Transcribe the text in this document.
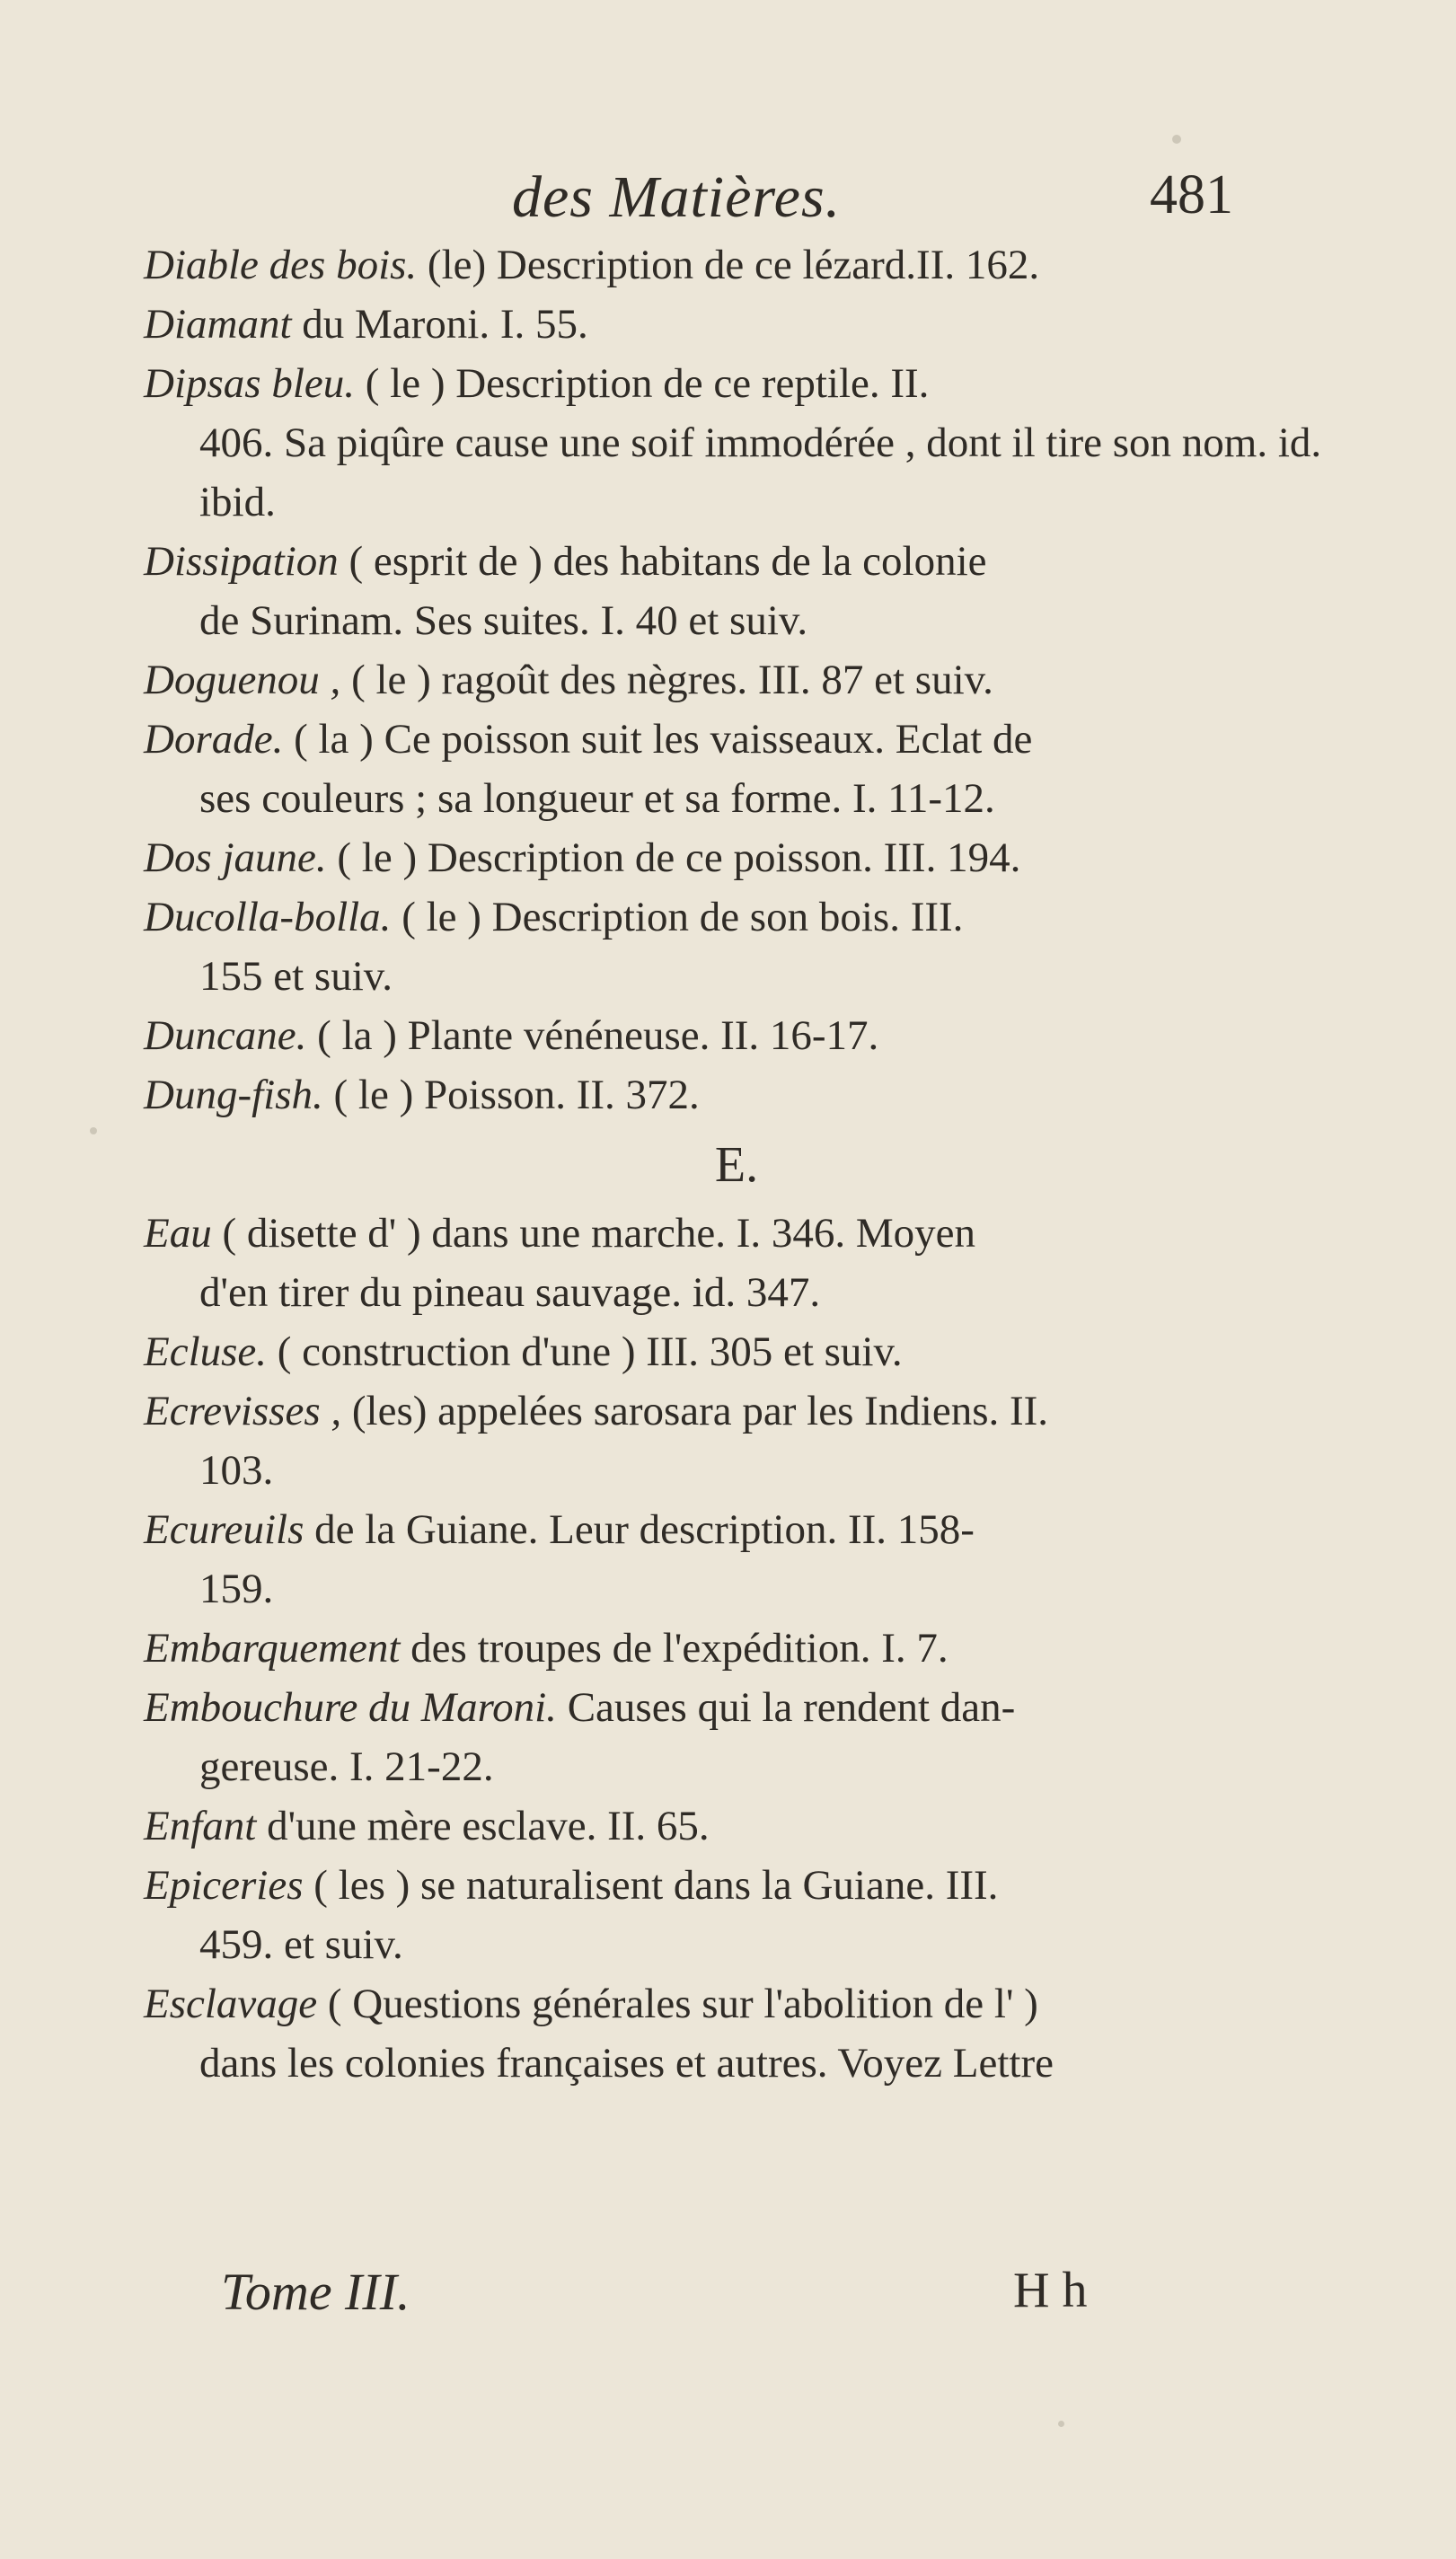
des Matières.	481

Diable des bois. (le) Description de ce lézard.II. 162.

Diamant du Maroni. I. 55.

Dipsas bleu. ( le ) Description de ce reptile. II.
406. Sa piqûre cause une soif immodérée , dont il tire son nom. id. ibid.

Dissipation ( esprit de ) des habitans de la colonie
de Surinam. Ses suites. I. 40 et suiv.

Doguenou , ( le ) ragoût des nègres. III. 87 et suiv.

Dorade. ( la ) Ce poisson suit les vaisseaux. Eclat de
ses couleurs ; sa longueur et sa forme. I. 11-12.

Dos jaune. ( le ) Description de ce poisson. III. 194.

Ducolla-bolla. ( le ) Description de son bois. III.
155 et suiv.

Duncane. ( la ) Plante vénéneuse. II. 16-17.

Dung-fish. ( le ) Poisson. II. 372.

E.

Eau ( disette d' ) dans une marche. I. 346. Moyen
d'en tirer du pineau sauvage. id. 347.

Ecluse. ( construction d'une ) III. 305 et suiv.

Ecrevisses , (les) appelées sarosara par les Indiens. II.
103.

Ecureuils de la Guiane. Leur description. II. 158-
159.

Embarquement des troupes de l'expédition. I. 7.

Embouchure du Maroni. Causes qui la rendent dan-
gereuse. I. 21-22.

Enfant d'une mère esclave. II. 65.

Epiceries ( les ) se naturalisent dans la Guiane. III.
459. et suiv.

Esclavage ( Questions générales sur l'abolition de l' )
dans les colonies françaises et autres. Voyez Lettre

Tome III.	H h
